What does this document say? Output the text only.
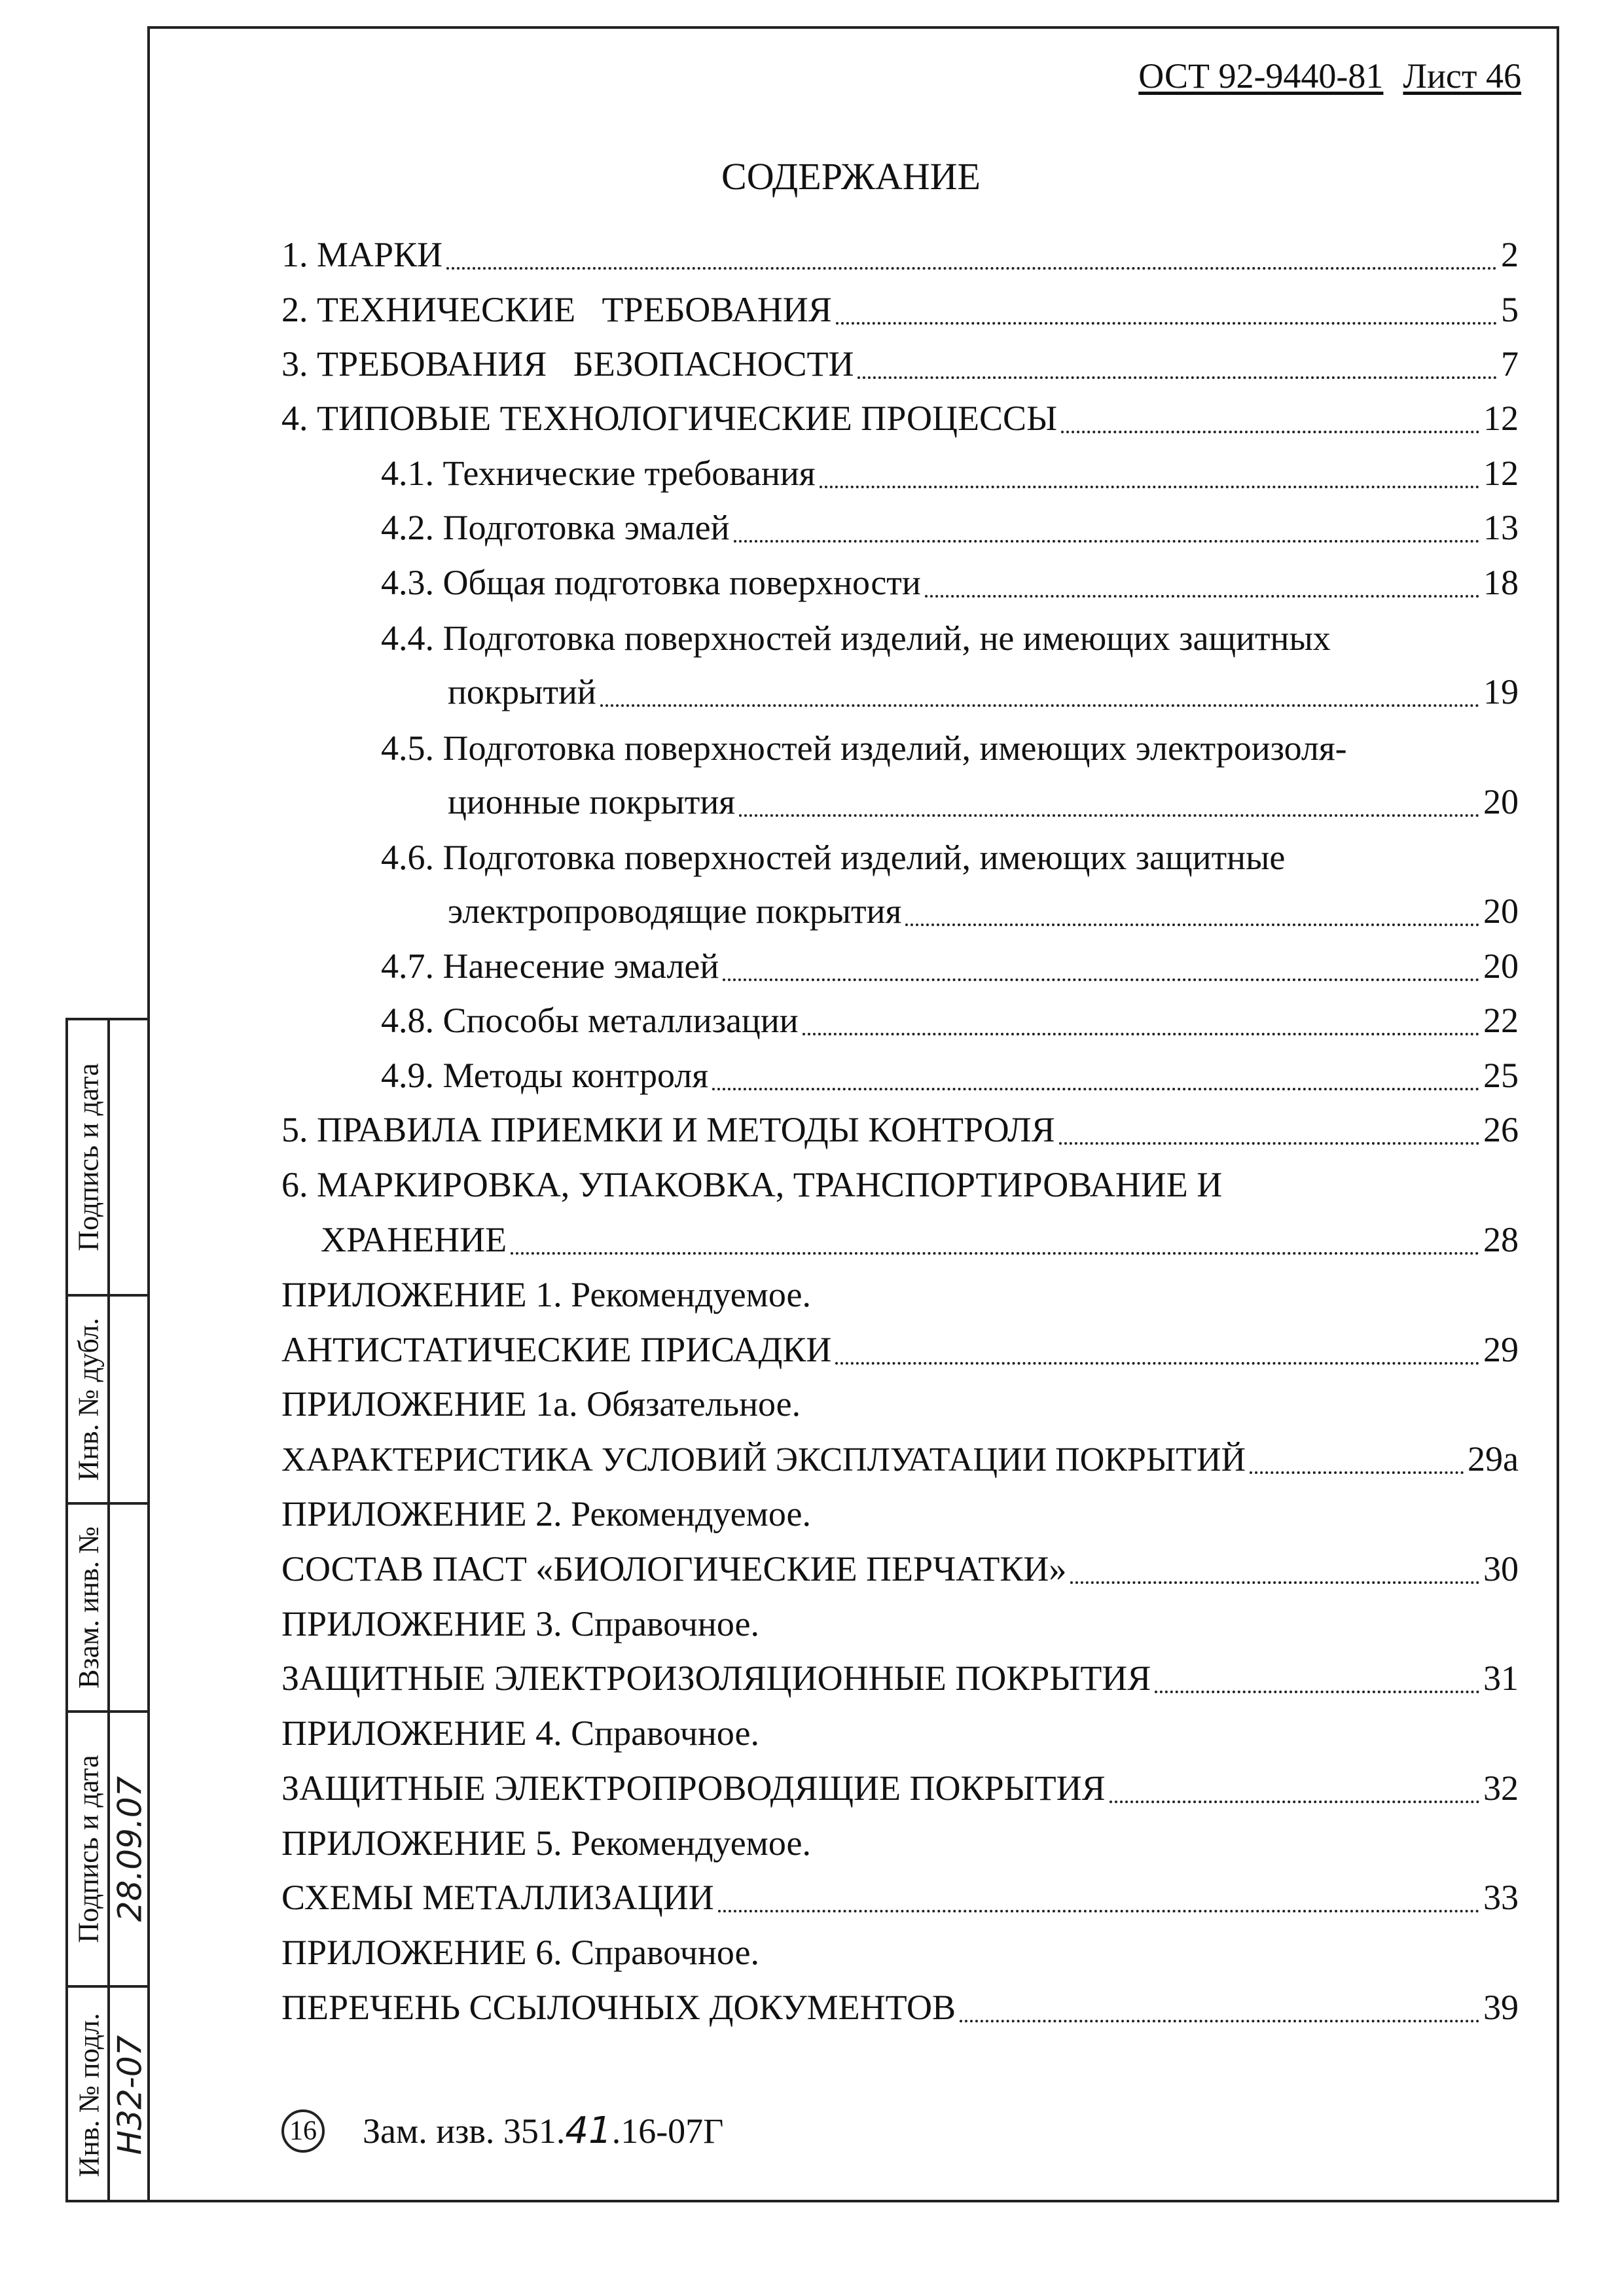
ОСТ 92-9440-81 Лист 46
СОДЕРЖАНИЕ
1. МАРКИ	2
2. ТЕХНИЧЕСКИЕ   ТРЕБОВАНИЯ	5
3. ТРЕБОВАНИЯ   БЕЗОПАСНОСТИ	7
4. ТИПОВЫЕ ТЕХНОЛОГИЧЕСКИЕ ПРОЦЕССЫ	12
4.1. Технические требования	12
4.2. Подготовка эмалей	13
4.3. Общая подготовка поверхности	18
4.4. Подготовка поверхностей изделий, не имеющих защитных
покрытий	19
4.5. Подготовка поверхностей изделий, имеющих электроизоля-
ционные покрытия	20
4.6. Подготовка поверхностей изделий, имеющих защитные
электропроводящие покрытия	20
4.7. Нанесение эмалей	20
4.8. Способы металлизации	22
4.9. Методы контроля	25
5. ПРАВИЛА ПРИЕМКИ И МЕТОДЫ КОНТРОЛЯ	26
6. МАРКИРОВКА, УПАКОВКА, ТРАНСПОРТИРОВАНИЕ И
ХРАНЕНИЕ	28
ПРИЛОЖЕНИЕ 1. Рекомендуемое.
АНТИСТАТИЧЕСКИЕ ПРИСАДКИ	29
ПРИЛОЖЕНИЕ 1а. Обязательное.
ХАРАКТЕРИСТИКА УСЛОВИЙ ЭКСПЛУАТАЦИИ ПОКРЫТИЙ	29а
ПРИЛОЖЕНИЕ 2. Рекомендуемое.
СОСТАВ ПАСТ «БИОЛОГИЧЕСКИЕ ПЕРЧАТКИ»	30
ПРИЛОЖЕНИЕ 3. Справочное.
ЗАЩИТНЫЕ ЭЛЕКТРОИЗОЛЯЦИОННЫЕ ПОКРЫТИЯ	31
ПРИЛОЖЕНИЕ 4. Справочное.
ЗАЩИТНЫЕ ЭЛЕКТРОПРОВОДЯЩИЕ ПОКРЫТИЯ	32
ПРИЛОЖЕНИЕ 5. Рекомендуемое.
СХЕМЫ МЕТАЛЛИЗАЦИИ	33
ПРИЛОЖЕНИЕ 6. Справочное.
ПЕРЕЧЕНЬ ССЫЛОЧНЫХ ДОКУМЕНТОВ	39
Подпись и дата
Инв. № дубл.
Взам. инв. №
Подпись и дата 28.09.07
Инв. № подл. Н32-07	16 Зам. изв. 351. 41 .16-07Г
